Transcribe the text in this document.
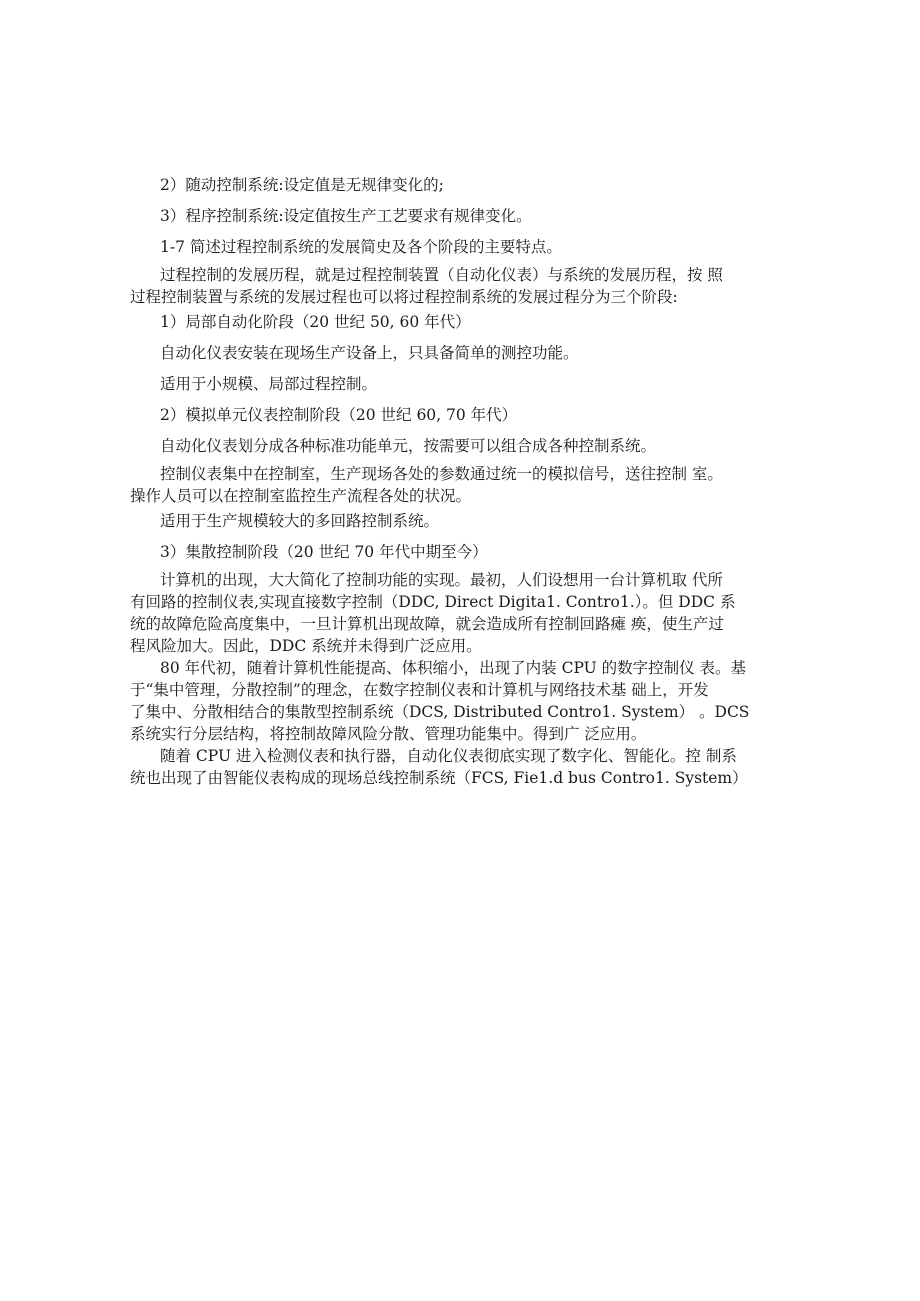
2）随动控制系统:设定值是无规律变化的;

3）程序控制系统:设定值按生产工艺要求有规律变化。

1-7 简述过程控制系统的发展简史及各个阶段的主要特点。

过程控制的发展历程，就是过程控制装置（自动化仪表）与系统的发展历程，按 照
过程控制装置与系统的发展过程也可以将过程控制系统的发展过程分为三个阶段:

1）局部自动化阶段（20 世纪 50, 60 年代）

自动化仪表安装在现场生产设备上，只具备简单的测控功能。

适用于小规模、局部过程控制。

2）模拟单元仪表控制阶段（20 世纪 60, 70 年代）

自动化仪表划分成各种标准功能单元，按需要可以组合成各种控制系统。

控制仪表集中在控制室，生产现场各处的参数通过统一的模拟信号，送往控制 室。
操作人员可以在控制室监控生产流程各处的状况。

适用于生产规模较大的多回路控制系统。

3）集散控制阶段（20 世纪 70 年代中期至今）

计算机的出现，大大简化了控制功能的实现。最初，人们设想用一台计算机取 代所
有回路的控制仪表,实现直接数字控制（DDC, Direct Digita1. Contro1.）。但 DDC 系
统的故障危险高度集中，一旦计算机出现故障，就会造成所有控制回路瘫 痪，使生产过
程风险加大。因此，DDC 系统并未得到广泛应用。
80 年代初，随着计算机性能提高、体积缩小，出现了内装 CPU 的数字控制仪 表。基
于“集中管理，分散控制”的理念，在数字控制仪表和计算机与网络技术基 础上，开发
了集中、分散相结合的集散型控制系统（DCS, Distributed Contro1. System） 。DCS
系统实行分层结构，将控制故障风险分散、管理功能集中。得到广 泛应用。
随着 CPU 进入检测仪表和执行器，自动化仪表彻底实现了数字化、智能化。控 制系
统也出现了由智能仪表构成的现场总线控制系统（FCS, Fie1.d bus Contro1. System）
